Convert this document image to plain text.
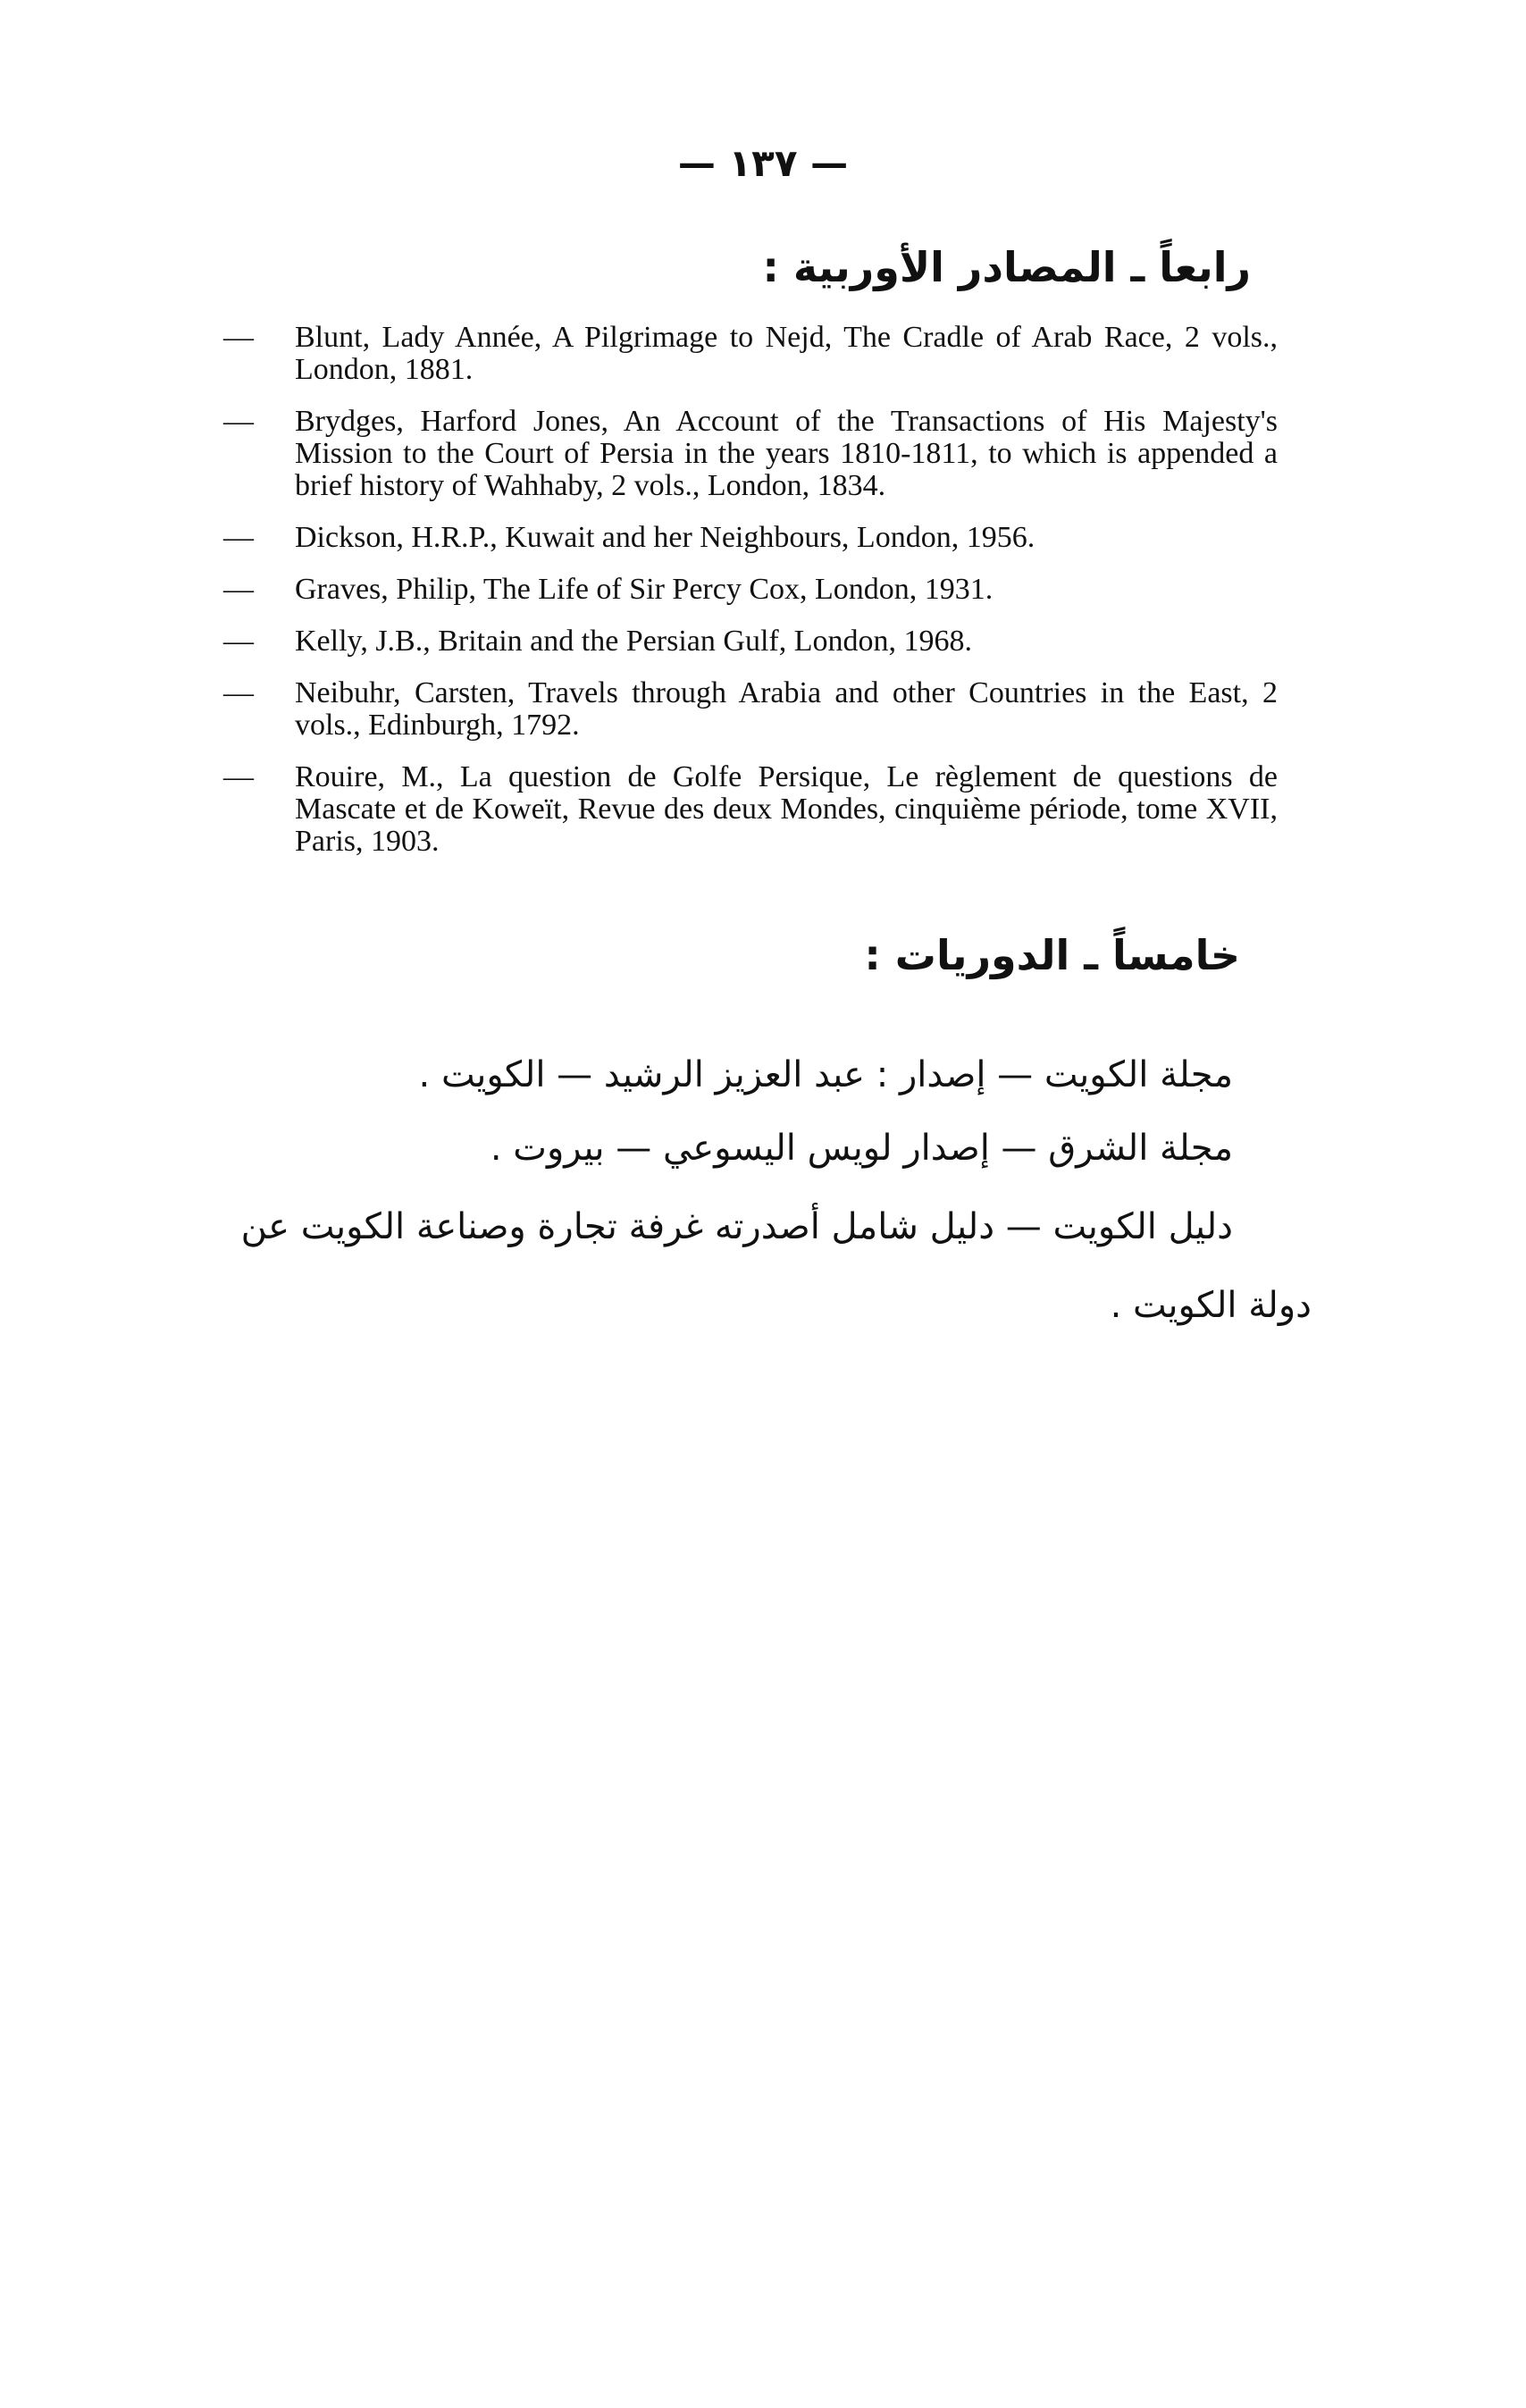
— ١٣٧ —
رابعاً ـ المصادر الأوربية :
— Blunt, Lady Année, A Pilgrimage to Nejd, The Cradle of Arab Race, 2 vols., London, 1881.
— Brydges, Harford Jones, An Account of the Transactions of His Majesty's Mission to the Court of Persia in the years 1810-1811, to which is appended a brief history of Wahhaby, 2 vols., London, 1834.
— Dickson, H.R.P., Kuwait and her Neighbours, London, 1956.
— Graves, Philip, The Life of Sir Percy Cox, London, 1931.
— Kelly, J.B., Britain and the Persian Gulf, London, 1968.
— Neibuhr, Carsten, Travels through Arabia and other Countries in the East, 2 vols., Edinburgh, 1792.
— Rouire, M., La question de Golfe Persique, Le règlement de questions de Mascate et de Koweït, Revue des deux Mondes, cinquième période, tome XVII, Paris, 1903.
خامساً ـ الدوريات :
مجلة الكويت — إصدار : عبد العزيز الرشيد — الكويت .
مجلة الشرق — إصدار لويس اليسوعي — بيروت .
دليل الكويت — دليل شامل أصدرته غرفة تجارة وصناعة الكويت عن
دولة الكويت .
